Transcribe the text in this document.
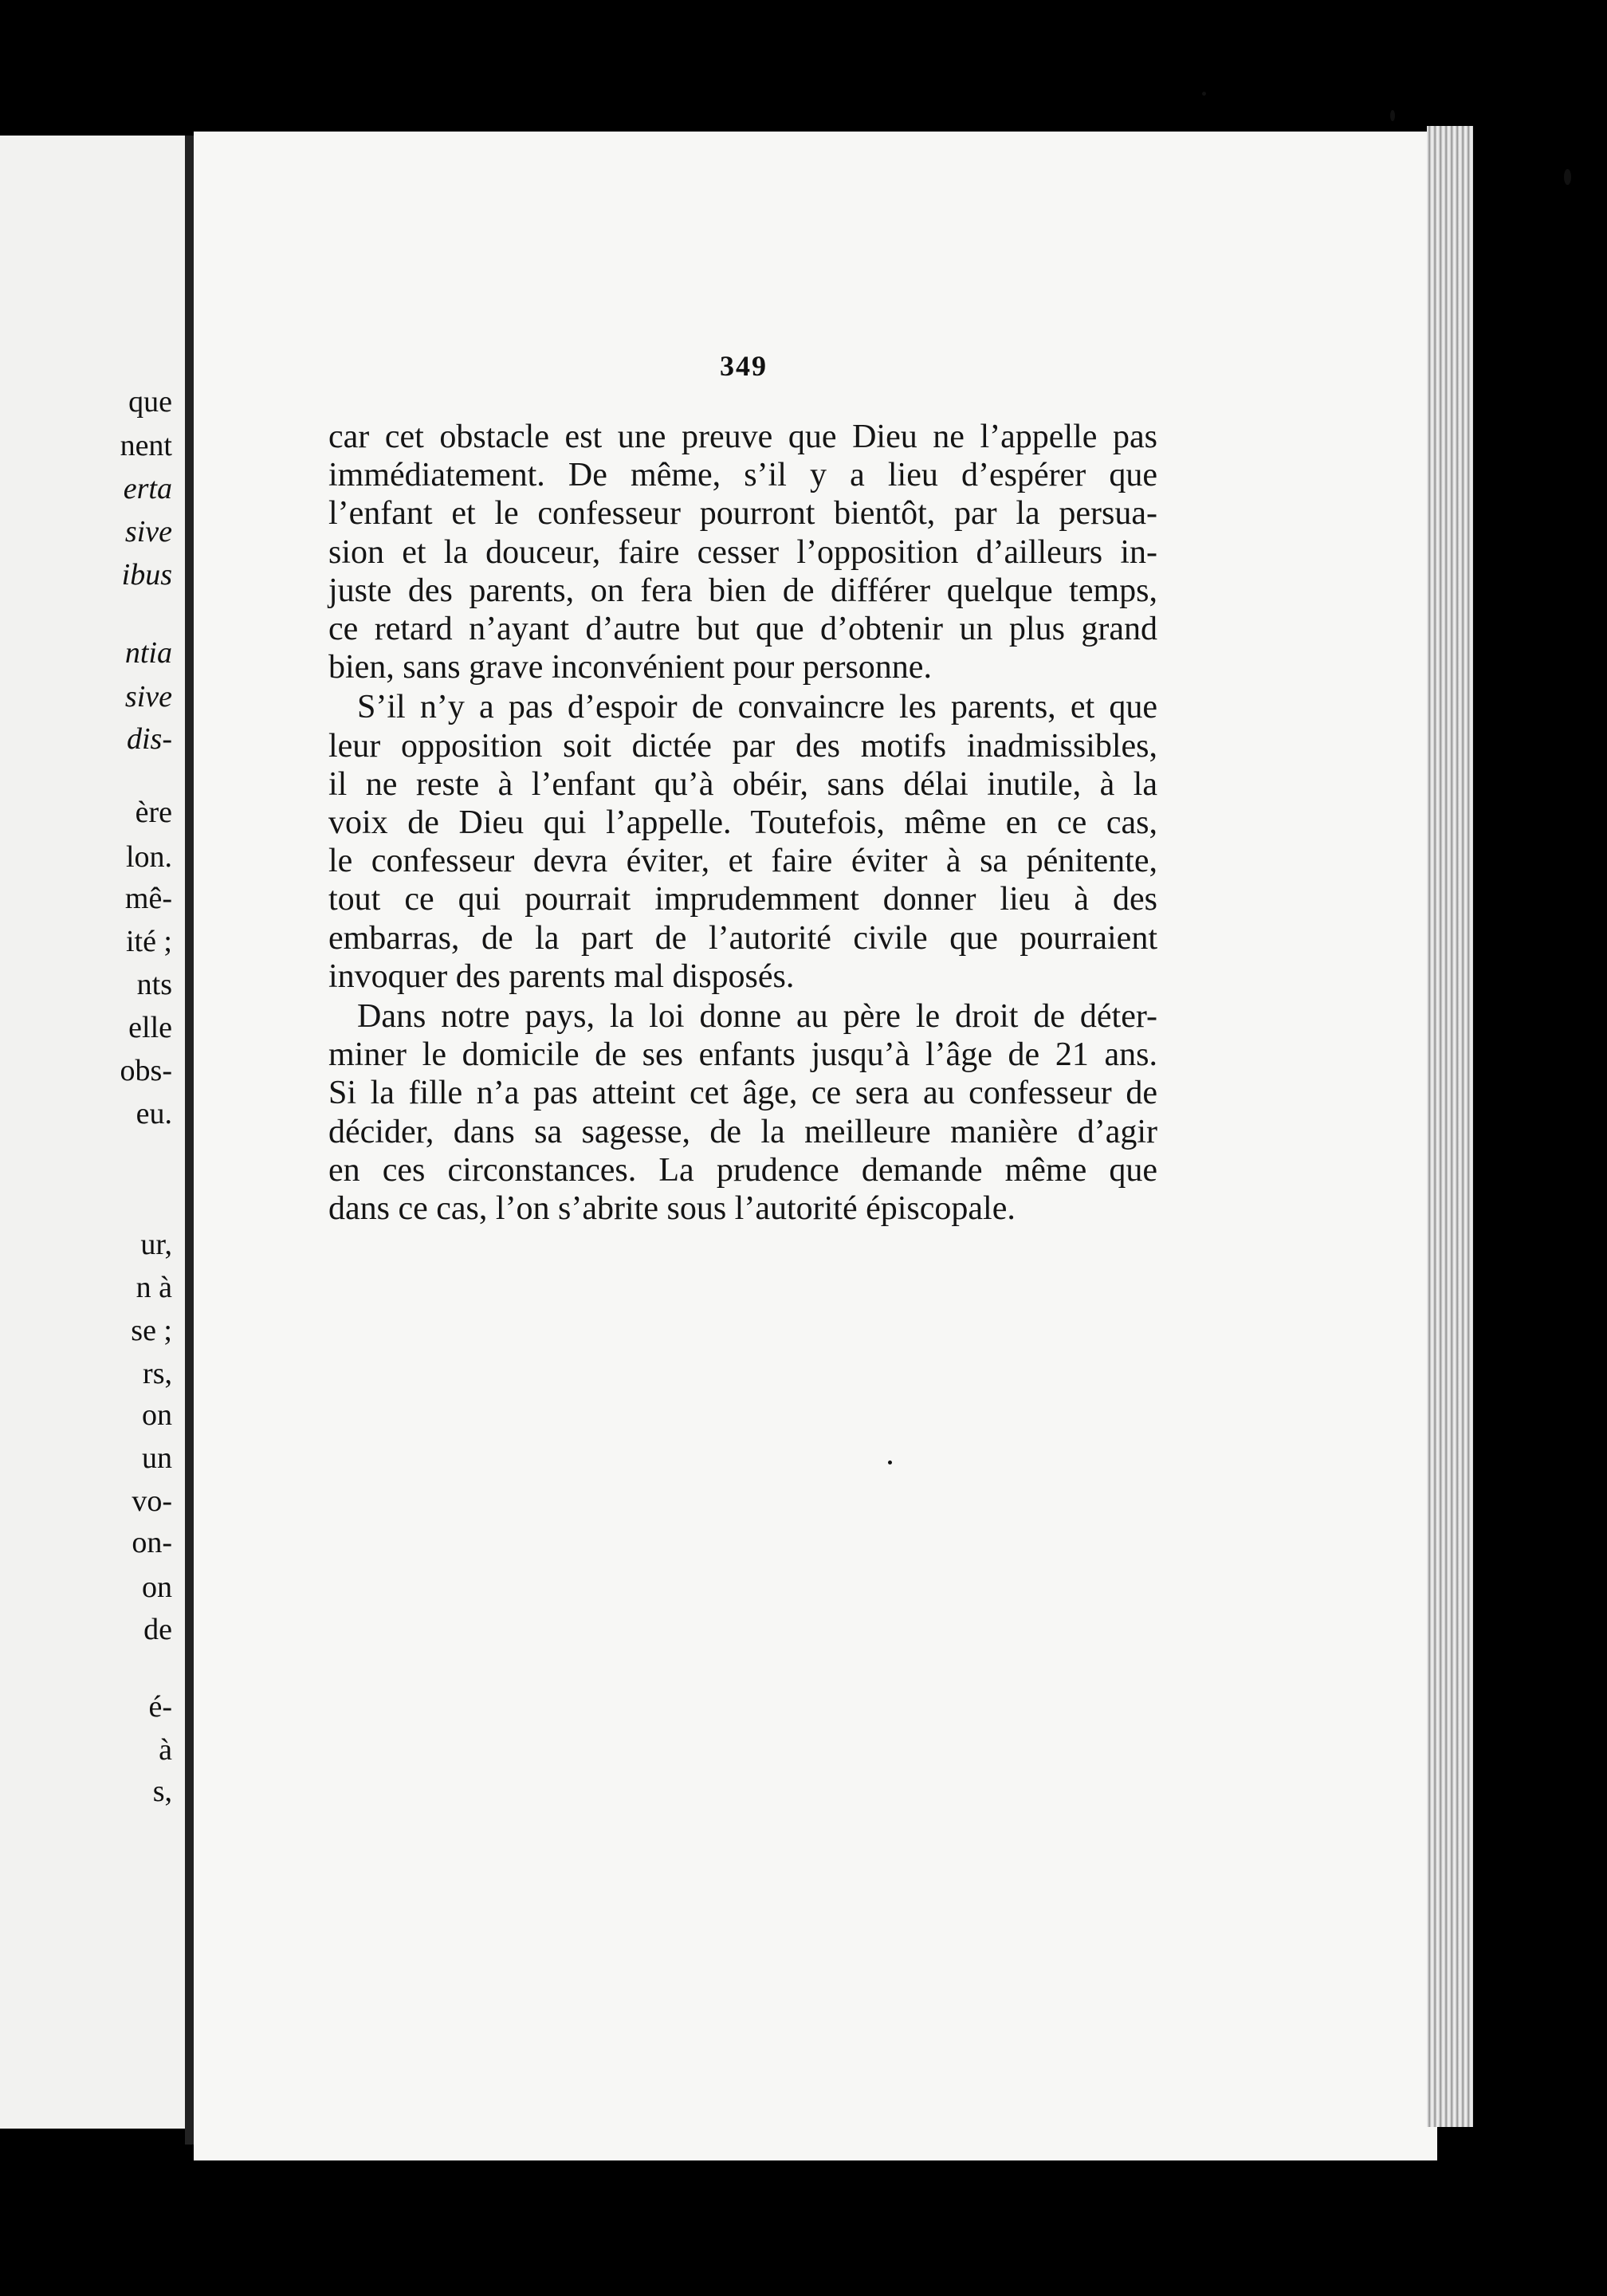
que
nent
erta
sive
ibus
ntia
sive
dis-
ère
lon.
mê-
ité ;
nts
elle
obs-
eu.
ur,
n à
se ;
rs,
on
un
vo-
on-
on
de
é-
à
s,
349
car cet obstacle est une preuve que Dieu ne l’appelle pas
immédiatement. De même, s’il y a lieu d’espérer que
l’enfant et le confesseur pourront bientôt, par la persua-
sion et la douceur, faire cesser l’opposition d’ailleurs in-
juste des parents, on fera bien de différer quelque temps,
ce retard n’ayant d’autre but que d’obtenir un plus grand
bien, sans grave inconvénient pour personne.
S’il n’y a pas d’espoir de convaincre les parents, et que
leur opposition soit dictée par des motifs inadmissibles,
il ne reste à l’enfant qu’à obéir, sans délai inutile, à la
voix de Dieu qui l’appelle. Toutefois, même en ce cas,
le confesseur devra éviter, et faire éviter à sa pénitente,
tout ce qui pourrait imprudemment donner lieu à des
embarras, de la part de l’autorité civile que pourraient
invoquer des parents mal disposés.
Dans notre pays, la loi donne au père le droit de déter-
miner le domicile de ses enfants jusqu’à l’âge de 21 ans.
Si la fille n’a pas atteint cet âge, ce sera au confesseur de
décider, dans sa sagesse, de la meilleure manière d’agir
en ces circonstances. La prudence demande même que
dans ce cas, l’on s’abrite sous l’autorité épiscopale.
